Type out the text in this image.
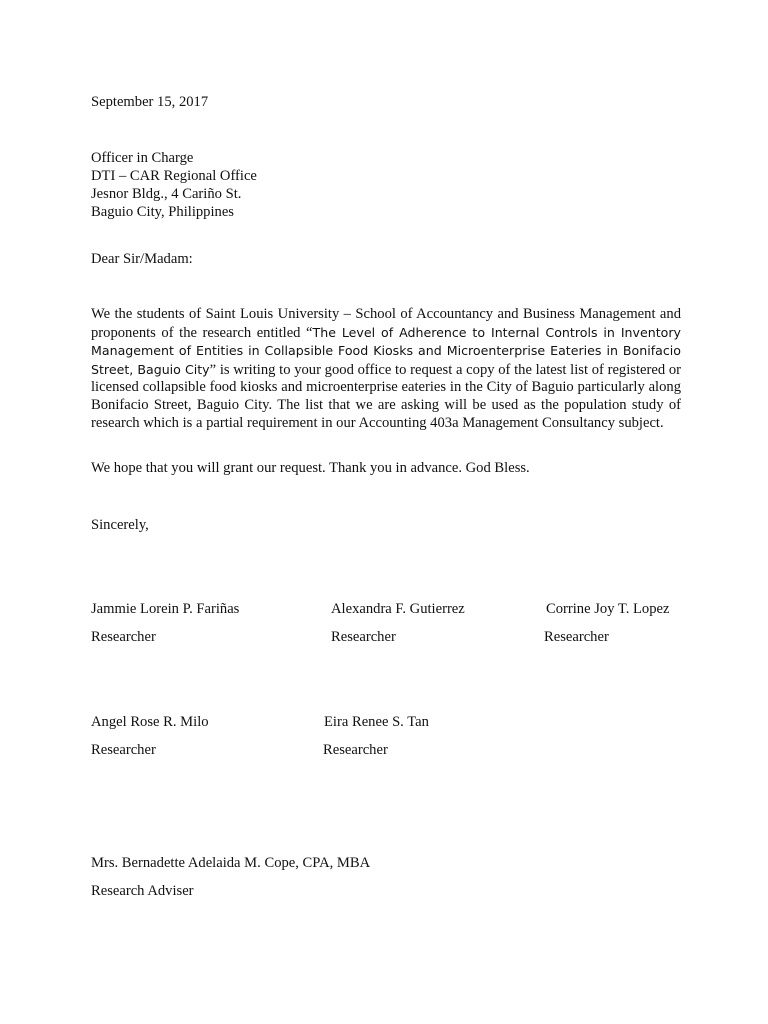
September 15, 2017
Officer in Charge
DTI – CAR Regional Office
Jesnor Bldg., 4 Cariño St.
Baguio City, Philippines
Dear Sir/Madam:
We the students of Saint Louis University – School of Accountancy and Business Management and proponents of the research entitled “The Level of Adherence to Internal Controls in Inventory Management of Entities in Collapsible Food Kiosks and Microenterprise Eateries in Bonifacio Street, Baguio City” is writing to your good office to request a copy of the latest list of registered or licensed collapsible food kiosks and microenterprise eateries in the City of Baguio particularly along Bonifacio Street, Baguio City. The list that we are asking will be used as the population study of research which is a partial requirement in our Accounting 403a Management Consultancy subject.
We hope that you will grant our request. Thank you in advance. God Bless.
Sincerely,
Jammie Lorein P. Fariñas
Researcher
Alexandra F. Gutierrez
Researcher
Corrine Joy T. Lopez
Researcher
Angel Rose R. Milo
Researcher
Eira Renee S. Tan
Researcher
Mrs. Bernadette Adelaida M. Cope, CPA, MBA
Research Adviser
